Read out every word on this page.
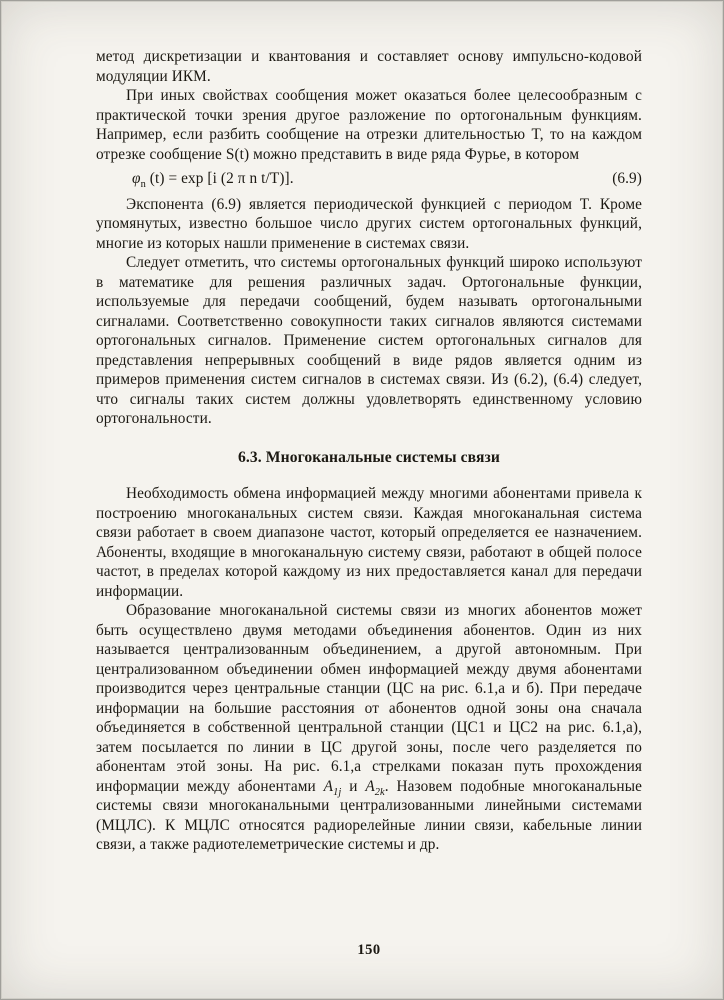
метод дискретизации и квантования и составляет основу импульсно-кодовой модуляции ИКМ.

При иных свойствах сообщения может оказаться более целесообразным с практической точки зрения другое разложение по ортогональным функциям. Например, если разбить сообщение на отрезки длительностью T, то на каждом отрезке сообщение S(t) можно представить в виде ряда Фурье, в котором

$\varphi_n$ (t) = exp [i (2 π n t/T)].	(6.9)

Экспонента (6.9) является периодической функцией с периодом T. Кроме упомянутых, известно большое число других систем ортогональных функций, многие из которых нашли применение в системах связи.

Следует отметить, что системы ортогональных функций широко используют в математике для решения различных задач. Ортогональные функции, используемые для передачи сообщений, будем называть ортогональными сигналами. Соответственно совокупности таких сигналов являются системами ортогональных сигналов. Применение систем ортогональных сигналов для представления непрерывных сообщений в виде рядов является одним из примеров применения систем сигналов в системах связи. Из (6.2), (6.4) следует, что сигналы таких систем должны удовлетворять единственному условию ортогональности.

6.3. Многоканальные системы связи

Необходимость обмена информацией между многими абонентами привела к построению многоканальных систем связи. Каждая многоканальная система связи работает в своем диапазоне частот, который определяется ее назначением. Абоненты, входящие в многоканальную систему связи, работают в общей полосе частот, в пределах которой каждому из них предоставляется канал для передачи информации.

Образование многоканальной системы связи из многих абонентов может быть осуществлено двумя методами объединения абонентов. Один из них называется централизованным объединением, а другой автономным. При централизованном объединении обмен информацией между двумя абонентами производится через центральные станции (ЦС на рис. 6.1,а и б). При передаче информации на большие расстояния от абонентов одной зоны она сначала объединяется в собственной центральной станции (ЦС1 и ЦС2 на рис. 6.1,а), затем посылается по линии в ЦС другой зоны, после чего разделяется по абонентам этой зоны. На рис. 6.1,а стрелками показан путь прохождения информации между абонентами $A_{1j}$ и $A_{2k}$. Назовем подобные многоканальные системы связи многоканальными централизованными линейными системами (МЦЛС). К МЦЛС относятся радиорелейные линии связи, кабельные линии связи, а также радиотелеметрические системы и др.

150
